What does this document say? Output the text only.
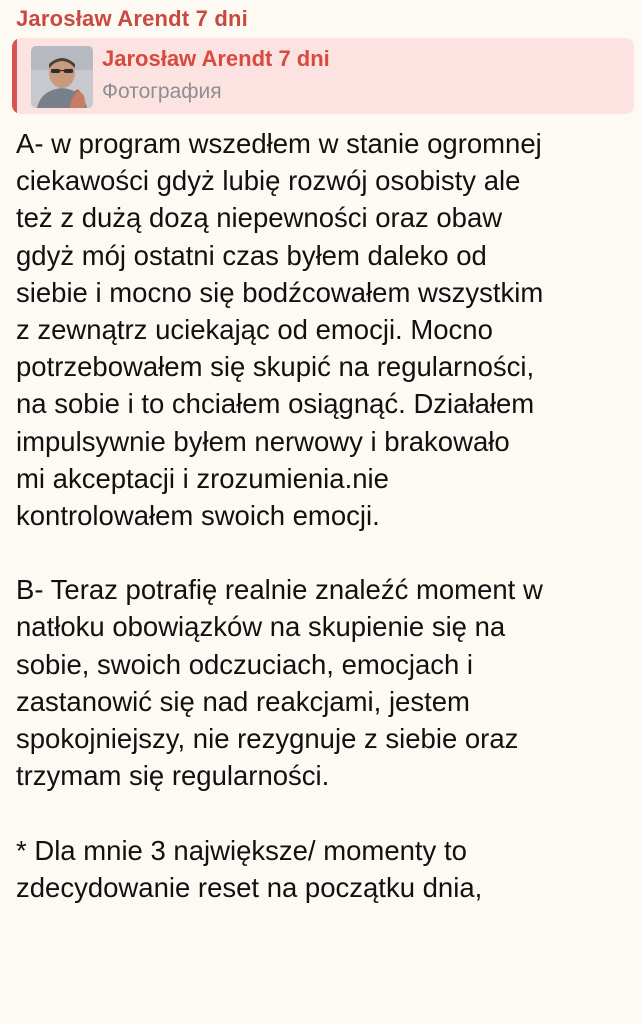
Jarosław Arendt 7 dni
Jarosław Arendt 7 dni
Фотография
A- w program wszedłem w stanie ogromnej
ciekawości gdyż lubię rozwój osobisty ale
też z dużą dozą niepewności oraz obaw
gdyż mój ostatni czas byłem daleko od
siebie i mocno się bodźcowałem wszystkim
z zewnątrz uciekając od emocji. Mocno
potrzebowałem się skupić na regularności,
na sobie i to chciałem osiągnąć. Działałem
impulsywnie byłem nerwowy i brakowało
mi akceptacji i zrozumienia.nie
kontrolowałem swoich emocji.
B- Teraz potrafię realnie znaleźć moment w
natłoku obowiązków na skupienie się na
sobie, swoich odczuciach, emocjach i
zastanowić się nad reakcjami, jestem
spokojniejszy, nie rezygnuje z siebie oraz
trzymam się regularności.
* Dla mnie 3 największe/ momenty to
zdecydowanie reset na początku dnia,
